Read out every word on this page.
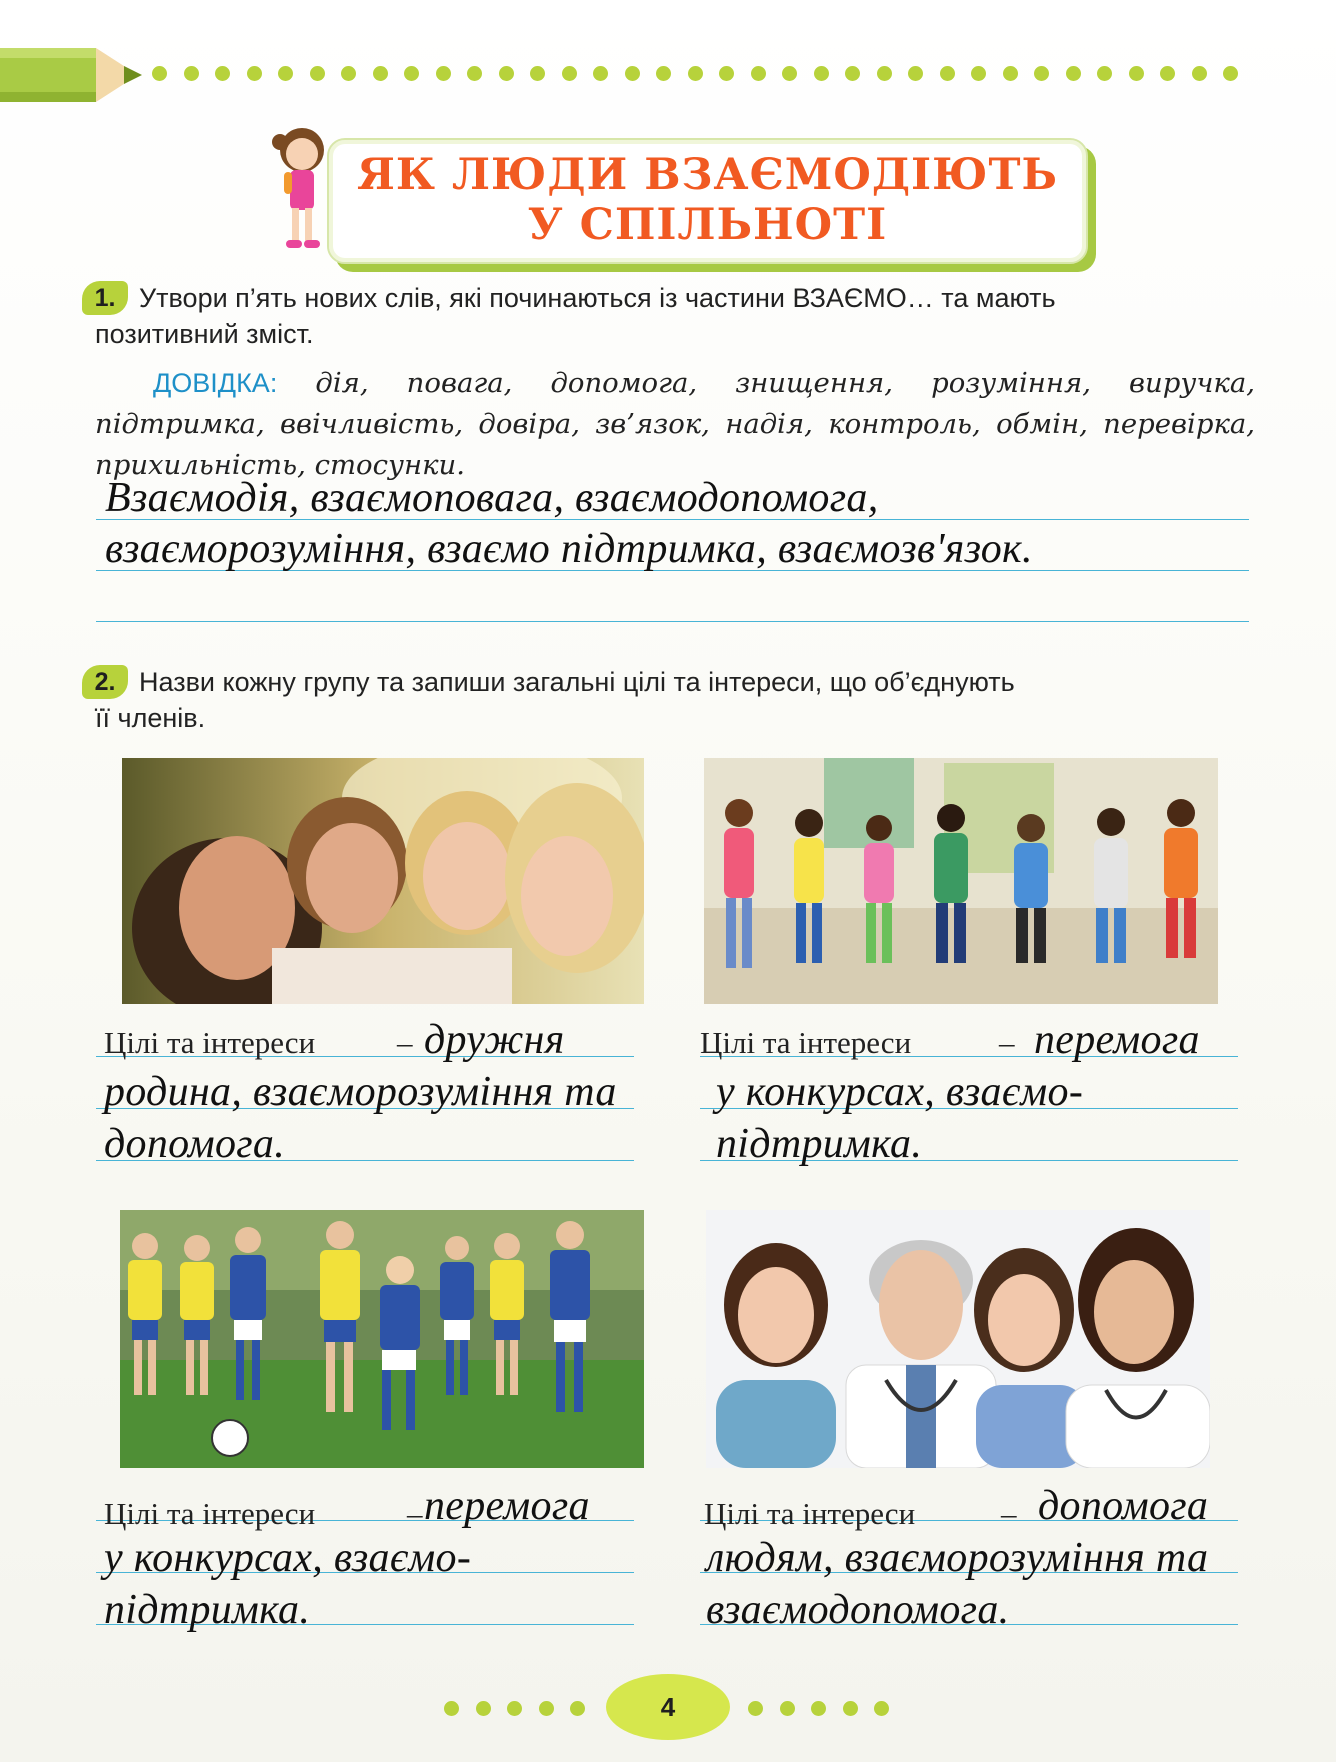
ЯК ЛЮДИ ВЗАЄМОДІЮТЬ
У СПІЛЬНОТІ
1. Утвори п’ять нових слів, які починаються із частини ВЗАЄМО… та мають
позитивний зміст.
ДОВІДКА: дія, повага, допомога, знищення, розуміння, виручка, підтримка, ввічливість, довіра, зв’язок, надія, контроль, обмін, перевірка, прихильність, стосунки.
Взаємодія, взаємоповага, взаємодопомога,
взаєморозуміння, взаємо підтримка, взаємозв'язок.
2. Назви кожну групу та запиши загальні цілі та інтереси, що об’єднують
її членів.
Цілі та інтереси	– дружня
родина, взаєморозуміння та
допомога.
Цілі та інтереси	– перемога
у конкурсах, взаємо-
підтримка.
Цілі та інтереси	– перемога
у конкурсах, взаємо-
підтримка.
Цілі та інтереси	– допомога
людям, взаєморозуміння та
взаємодопомога.
4
